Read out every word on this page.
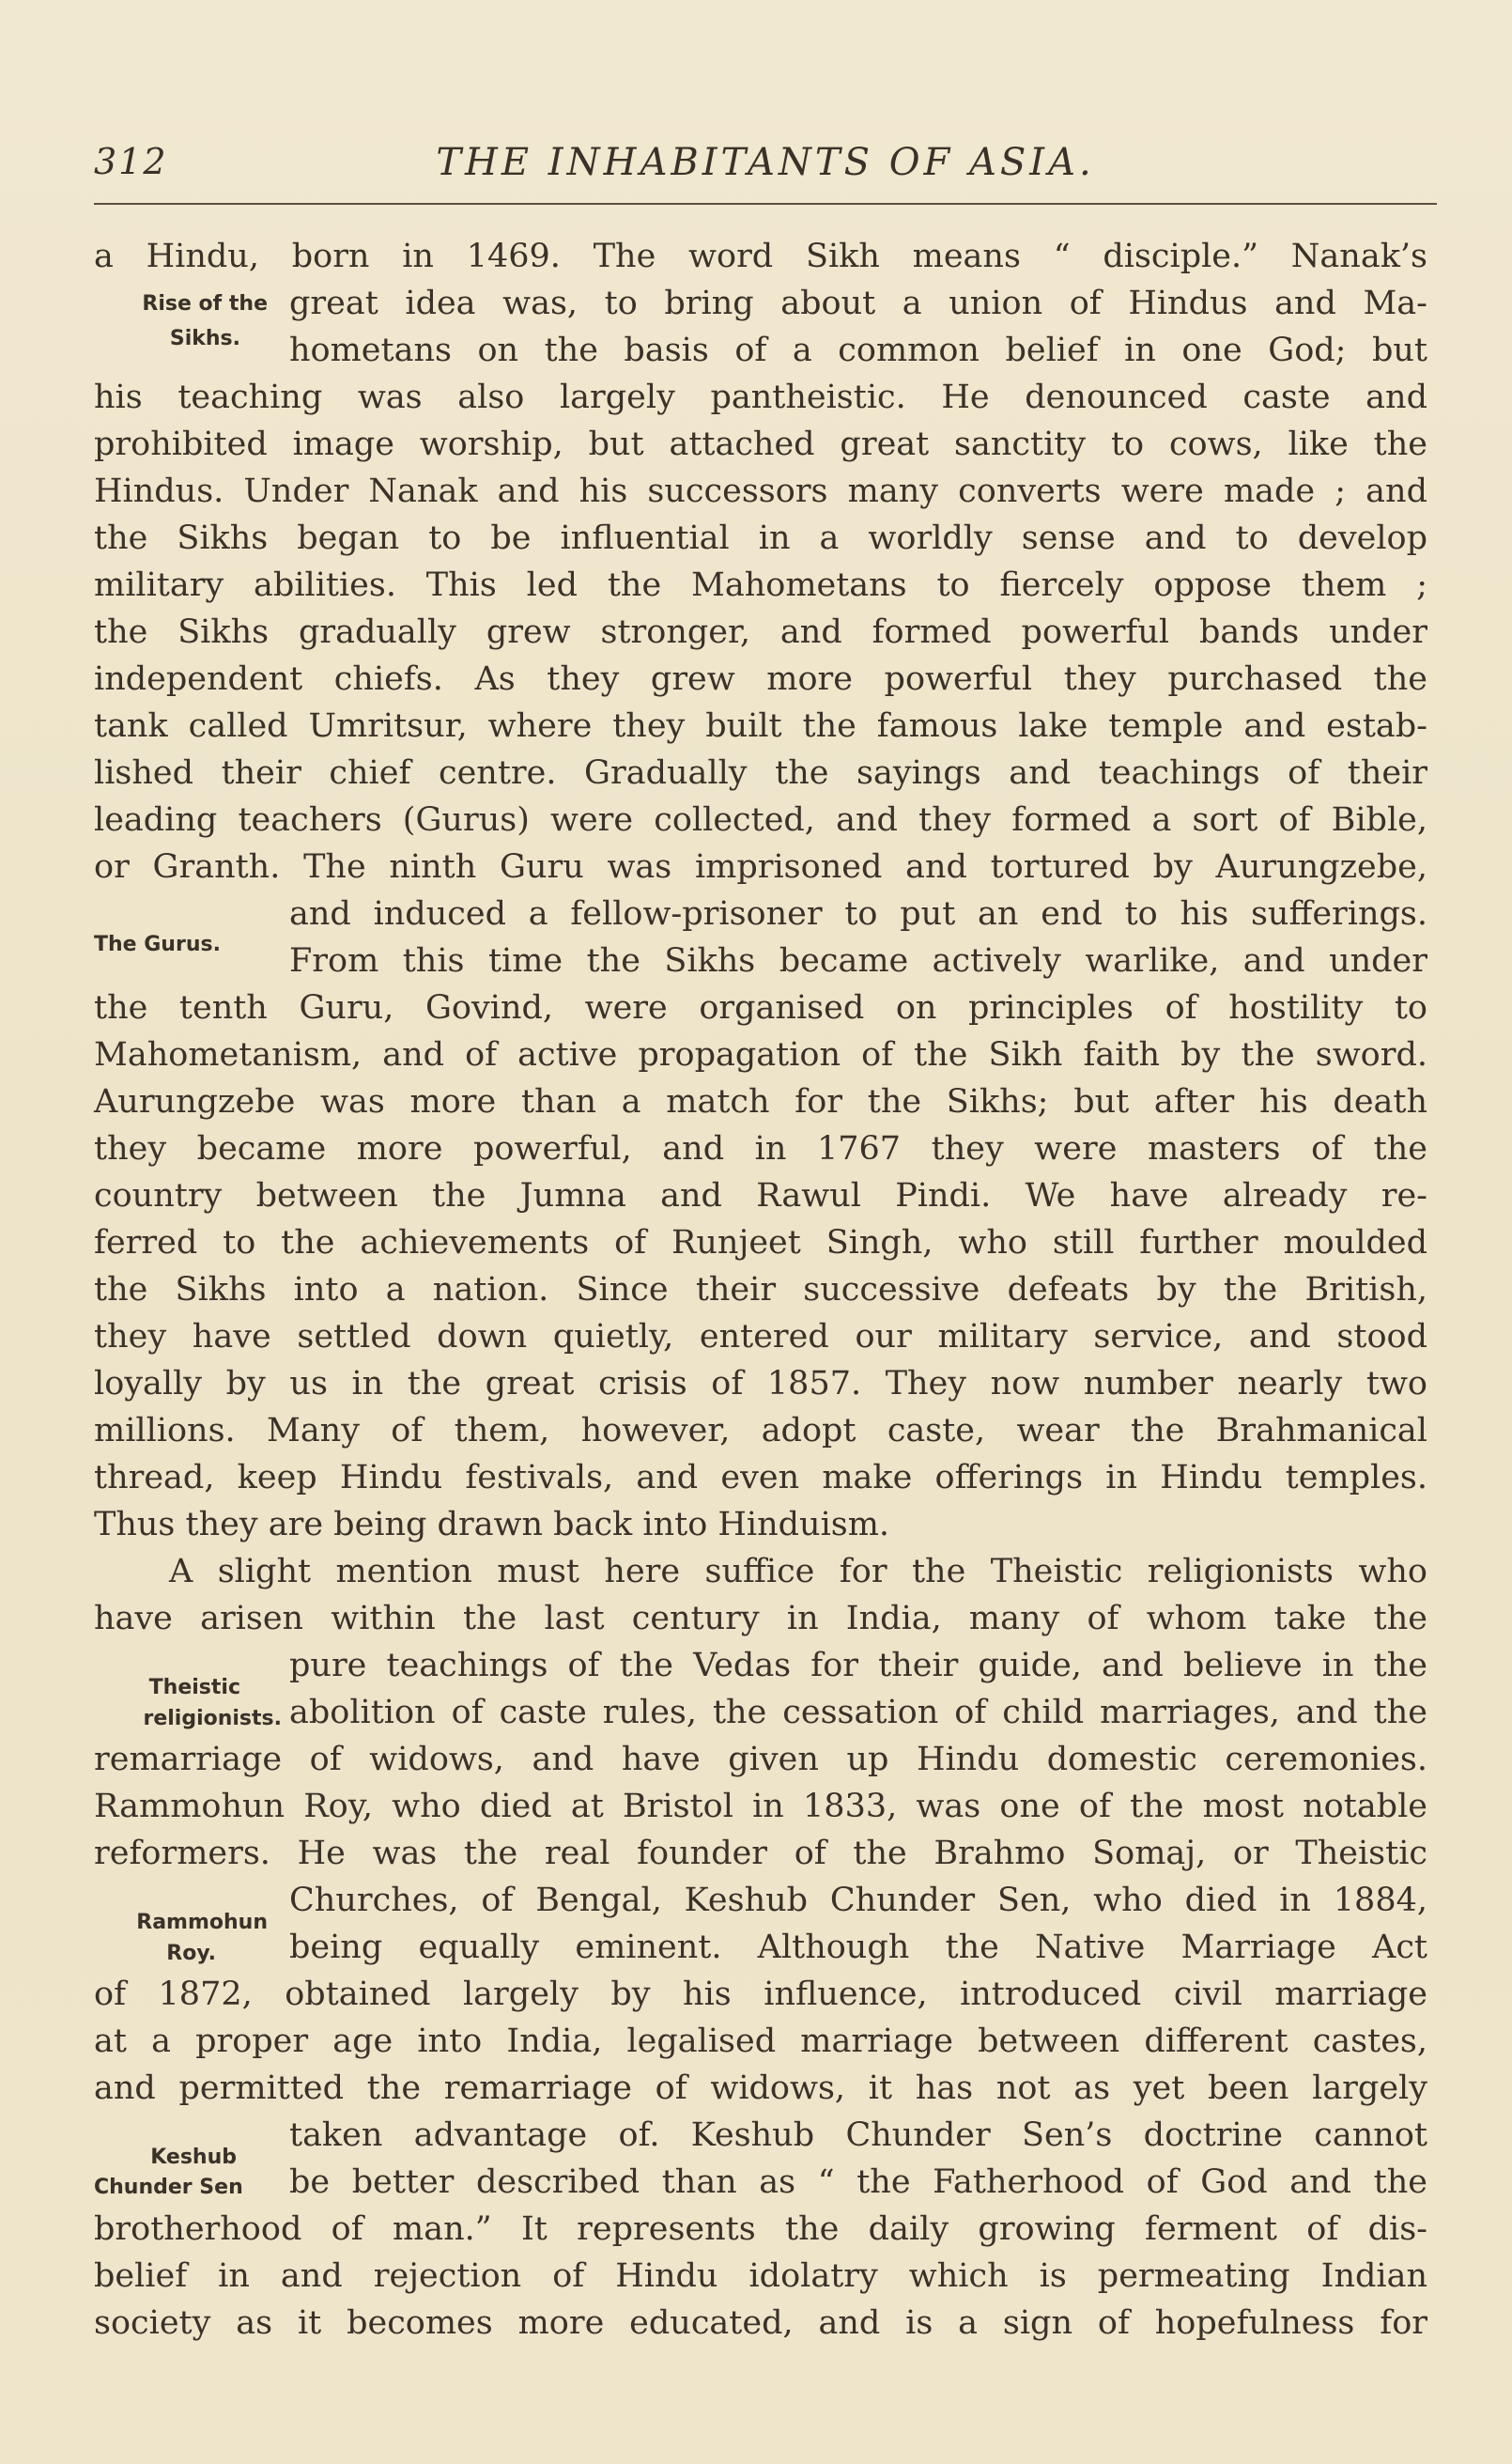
312	THE INHABITANTS OF ASIA.
a Hindu, born in 1469. The word Sikh means “ disciple.” Nanak’s
great idea was, to bring about a union of Hindus and Ma-
hometans on the basis of a common belief in one God; but
his teaching was also largely pantheistic. He denounced caste and
prohibited image worship, but attached great sanctity to cows, like the
Hindus. Under Nanak and his successors many converts were made ; and
the Sikhs began to be influential in a worldly sense and to develop
military abilities. This led the Mahometans to fiercely oppose them ;
the Sikhs gradually grew stronger, and formed powerful bands under
independent chiefs. As they grew more powerful they purchased the
tank called Umritsur, where they built the famous lake temple and estab-
lished their chief centre. Gradually the sayings and teachings of their
leading teachers (Gurus) were collected, and they formed a sort of Bible,
or Granth. The ninth Guru was imprisoned and tortured by Aurungzebe,
and induced a fellow-prisoner to put an end to his sufferings.
From this time the Sikhs became actively warlike, and under
the tenth Guru, Govind, were organised on principles of hostility to
Mahometanism, and of active propagation of the Sikh faith by the sword.
Aurungzebe was more than a match for the Sikhs; but after his death
they became more powerful, and in 1767 they were masters of the
country between the Jumna and Rawul Pindi. We have already re-
ferred to the achievements of Runjeet Singh, who still further moulded
the Sikhs into a nation. Since their successive defeats by the British,
they have settled down quietly, entered our military service, and stood
loyally by us in the great crisis of 1857. They now number nearly two
millions. Many of them, however, adopt caste, wear the Brahmanical
thread, keep Hindu festivals, and even make offerings in Hindu temples.
Thus they are being drawn back into Hinduism.
A slight mention must here suffice for the Theistic religionists who
have arisen within the last century in India, many of whom take the
pure teachings of the Vedas for their guide, and believe in the
abolition of caste rules, the cessation of child marriages, and the
remarriage of widows, and have given up Hindu domestic ceremonies.
Rammohun Roy, who died at Bristol in 1833, was one of the most notable
reformers. He was the real founder of the Brahmo Somaj, or Theistic
Churches, of Bengal, Keshub Chunder Sen, who died in 1884,
being equally eminent. Although the Native Marriage Act
of 1872, obtained largely by his influence, introduced civil marriage
at a proper age into India, legalised marriage between different castes,
and permitted the remarriage of widows, it has not as yet been largely
taken advantage of. Keshub Chunder Sen’s doctrine cannot
be better described than as “ the Fatherhood of God and the
brotherhood of man.” It represents the daily growing ferment of dis-
belief in and rejection of Hindu idolatry which is permeating Indian
society as it becomes more educated, and is a sign of hopefulness for
Rise of the
Sikhs.
The Gurus.
Theistic
religionists.
Rammohun
Roy.
Keshub
Chunder Sen
